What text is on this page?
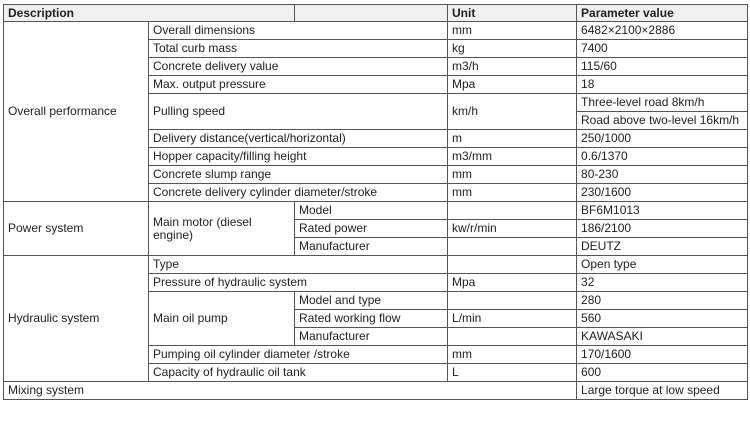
Description			Unit	Parameter value
Overall performance	Overall dimensions		mm	6482×2100×2886
	Total curb mass		kg	7400
	Concrete delivery value		m3/h	115/60
	Max. output pressure		Mpa	18
	Pulling speed		km/h	Three-level road 8km/h
				Road above two-level 16km/h
	Delivery distance(vertical/horizontal)		m	250/1000
	Hopper capacity/filling height		m3/mm	0.6/1370
	Concrete slump range		mm	80-230
	Concrete delivery cylinder diameter/stroke		mm	230/1600
Power system	Main motor (diesel engine)	Model		BF6M1013
		Rated power	kw/r/min	186/2100
		Manufacturer		DEUTZ
Hydraulic system	Type			Open type
	Pressure of hydraulic system		Mpa	32
	Main oil pump	Model and type		280
		Rated working flow	L/min	560
		Manufacturer		KAWASAKI
	Pumping oil cylinder diameter /stroke		mm	170/1600
	Capacity of hydraulic oil tank		L	600
Mixing system				Large torque at low speed
